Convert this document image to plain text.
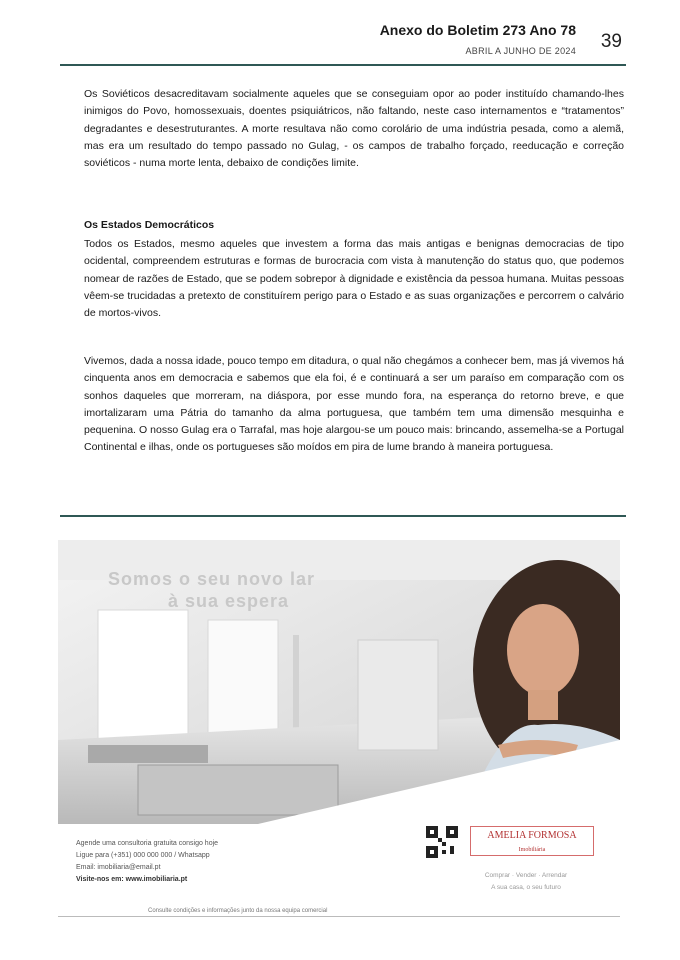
Anexo do Boletim 273 Ano 78
ABRIL A JUNHO DE 2024 39
Os Soviéticos desacreditavam socialmente aqueles que se conseguiam opor ao poder instituído chamando-lhes inimigos do Povo, homossexuais, doentes psiquiátricos, não faltando, neste caso internamentos e “tratamentos” degradantes e desestruturantes. A morte resultava não como corolário de uma indústria pesada, como a alemã, mas era um resultado do tempo passado no Gulag, - os campos de trabalho forçado, reeducação e correção soviéticos - numa morte lenta, debaixo de condições limite.
Os Estados Democráticos
Todos os Estados, mesmo aqueles que investem a forma das mais antigas e benignas democracias de tipo ocidental, compreendem estruturas e formas de burocracia com vista à manutenção do status quo, que podemos nomear de razões de Estado, que se podem sobrepor à dignidade e existência da pessoa humana. Muitas pessoas vêem-se trucidadas a pretexto de constituírem perigo para o Estado e as suas organizações e percorrem o calvário de mortos-vivos.
Vivemos, dada a nossa idade, pouco tempo em ditadura, o qual não chegámos a conhecer bem, mas já vivemos há cinquenta anos em democracia e sabemos que ela foi, é e continuará a ser um paraíso em comparação com os sonhos daqueles que morreram, na diáspora, por esse mundo fora, na esperança do retorno breve, e que imortalizaram uma Pátria do tamanho da alma portuguesa, que também tem uma dimensão mesquinha e pequenina. O nosso Gulag era o Tarrafal, mas hoje alargou-se um pouco mais: brincando, assemelha-se a Portugal Continental e ilhas, onde os portugueses são moídos em pira de lume brando à maneira portuguesa.
Somos o seu novo lar
à sua espera
Agende uma consultoria gratuita consigo hoje
Ligue para (+351) 000 000 000 / Whatsapp
Email: imobiliaria@email.pt
Visite-nos em: www.imobiliaria.pt
AMELIA FORMOSA
Imobiliária
Comprar · Vender · Arrendar
A sua casa, o seu futuro
Consulte condições e informações junto da nossa equipa comercial
